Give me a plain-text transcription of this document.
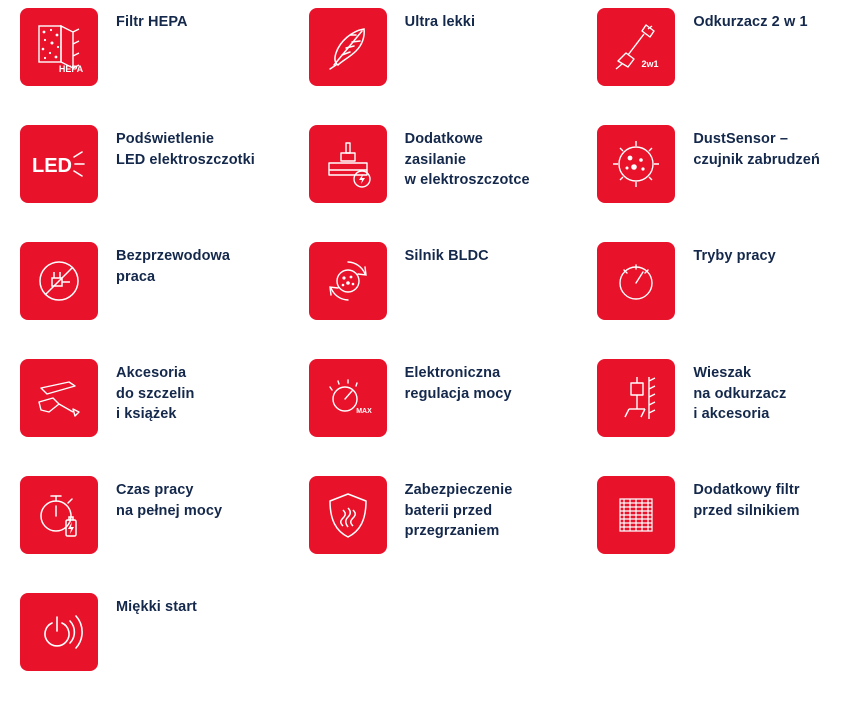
HEPA
Filtr HEPA	Ultra lekki
2w1
Odkurzacz 2 w 1
LED
Podświetlenie
LED elektroszczotki
Dodatkowe
zasilanie
w elektroszczotce
DustSensor –
czujnik zabrudzeń
Bezprzewodowa
praca
Silnik BLDC	Tryby pracy
Akcesoria
do szczelin
i książek	MAX
Elektroniczna
regulacja mocy
Wieszak
na odkurzacz
i akcesoria
Czas pracy
na pełnej mocy
Zabezpieczenie
baterii przed
przegrzaniem
Dodatkowy filtr
przed silnikiem
Miękki start
